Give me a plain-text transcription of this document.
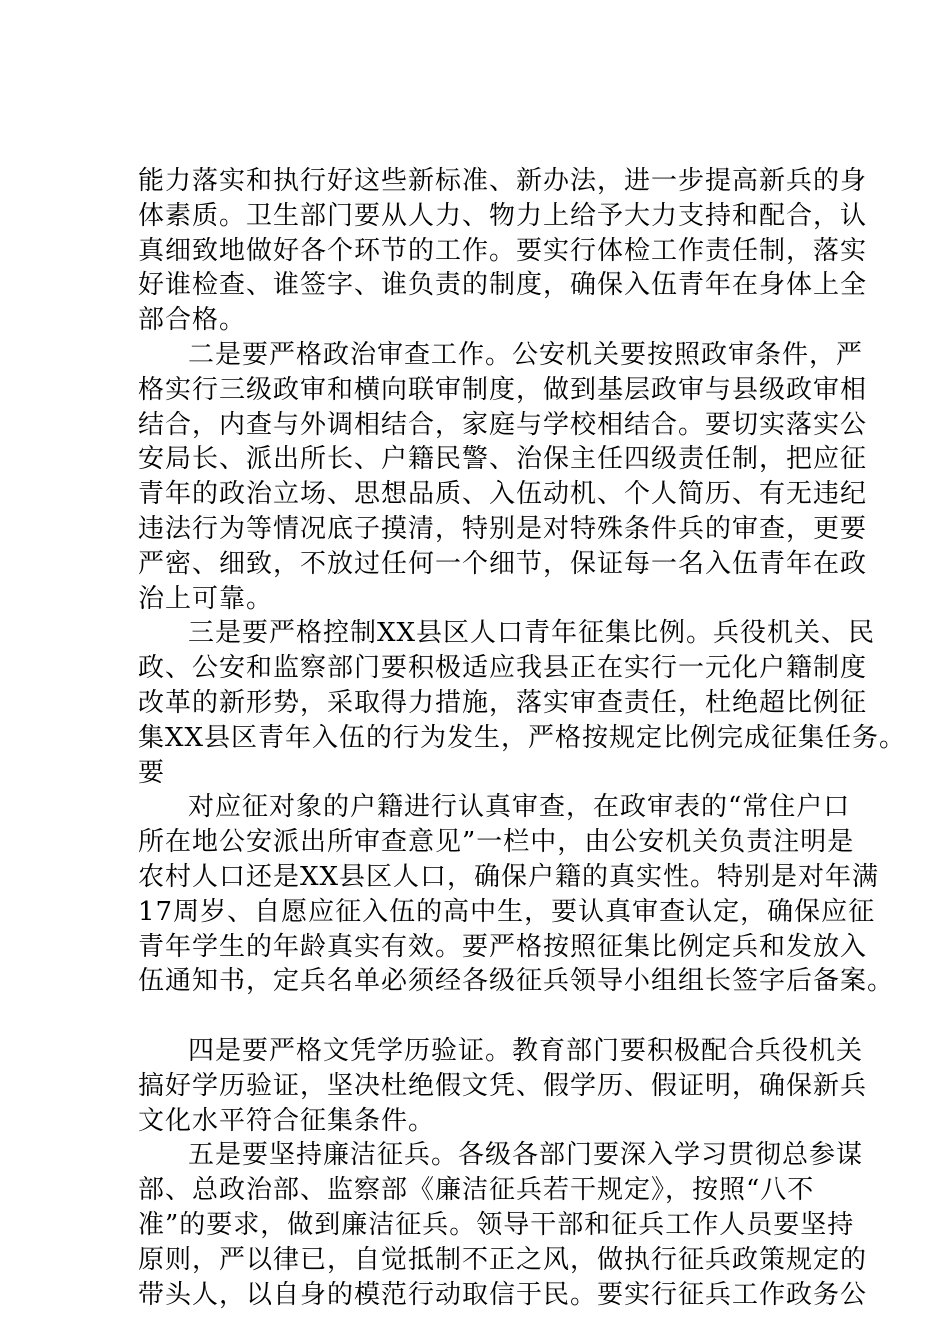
能力落实和执行好这些新标准、新办法，进一步提高新兵的身
体素质。卫生部门要从人力、物力上给予大力支持和配合，认
真细致地做好各个环节的工作。要实行体检工作责任制，落实
好谁检查、谁签字、谁负责的制度，确保入伍青年在身体上全
部合格。
二是要严格政治审查工作。公安机关要按照政审条件，严
格实行三级政审和横向联审制度，做到基层政审与县级政审相
结合，内查与外调相结合，家庭与学校相结合。要切实落实公
安局长、派出所长、户籍民警、治保主任四级责任制，把应征
青年的政治立场、思想品质、入伍动机、个人简历、有无违纪
违法行为等情况底子摸清，特别是对特殊条件兵的审查，更要
严密、细致，不放过任何一个细节，保证每一名入伍青年在政
治上可靠。
三是要严格控制XX县区人口青年征集比例。兵役机关、民
政、公安和监察部门要积极适应我县正在实行一元化户籍制度
改革的新形势，采取得力措施，落实审查责任，杜绝超比例征
集XX县区青年入伍的行为发生，严格按规定比例完成征集任务。
要
对应征对象的户籍进行认真审查，在政审表的“常住户口
所在地公安派出所审查意见”一栏中，由公安机关负责注明是
农村人口还是XX县区人口，确保户籍的真实性。特别是对年满
17周岁、自愿应征入伍的高中生，要认真审查认定，确保应征
青年学生的年龄真实有效。要严格按照征集比例定兵和发放入
伍通知书，定兵名单必须经各级征兵领导小组组长签字后备案。
四是要严格文凭学历验证。教育部门要积极配合兵役机关
搞好学历验证，坚决杜绝假文凭、假学历、假证明，确保新兵
文化水平符合征集条件。
五是要坚持廉洁征兵。各级各部门要深入学习贯彻总参谋
部、总政治部、监察部《廉洁征兵若干规定》，按照“八不
准”的要求，做到廉洁征兵。领导干部和征兵工作人员要坚持
原则，严以律已，自觉抵制不正之风，做执行征兵政策规定的
带头人，以自身的模范行动取信于民。要实行征兵工作政务公
